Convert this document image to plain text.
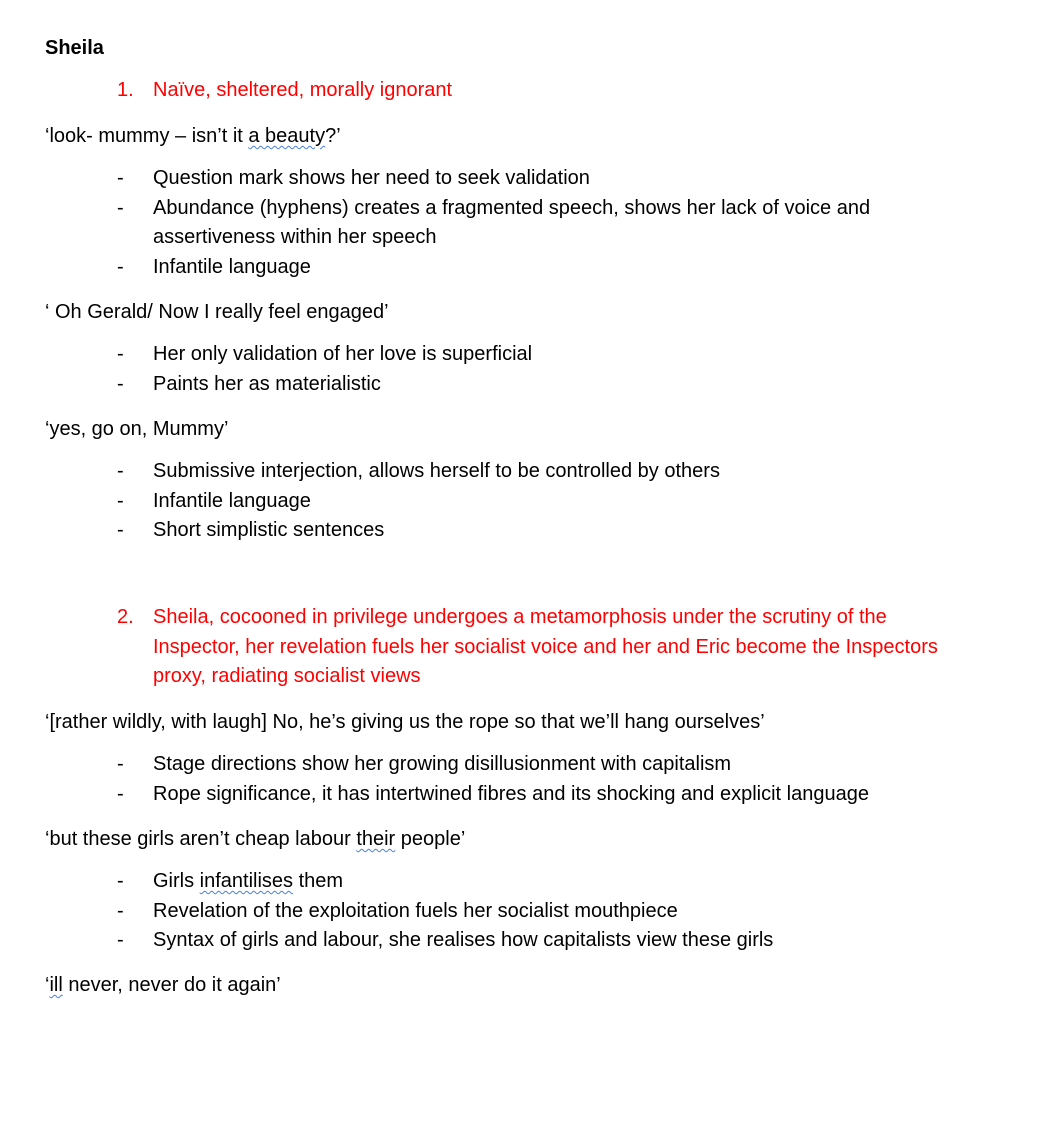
Sheila
1. Naïve, sheltered, morally ignorant
‘look- mummy – isn’t it a beauty?’
-	Question mark shows her need to seek validation
-	Abundance (hyphens) creates a fragmented speech, shows her lack of voice and assertiveness within her speech
-	Infantile language
‘ Oh Gerald/ Now I really feel engaged’
-	Her only validation of her love is superficial
-	Paints her as materialistic
‘yes, go on, Mummy’
-	Submissive interjection, allows herself to be controlled by others
-	Infantile language
-	Short simplistic sentences
2. Sheila, cocooned in privilege undergoes a metamorphosis under the scrutiny of the Inspector, her revelation fuels her socialist voice and her and Eric become the Inspectors proxy, radiating socialist views
‘[rather wildly, with laugh] No, he’s giving us the rope so that we’ll hang ourselves’
-	Stage directions show her growing disillusionment with capitalism
-	Rope significance, it has intertwined fibres and its shocking and explicit language
‘but these girls aren’t cheap labour their people’
-	Girls infantilises them
-	Revelation of the exploitation fuels her socialist mouthpiece
-	Syntax of girls and labour, she realises how capitalists view these girls
‘ill never, never do it again’
